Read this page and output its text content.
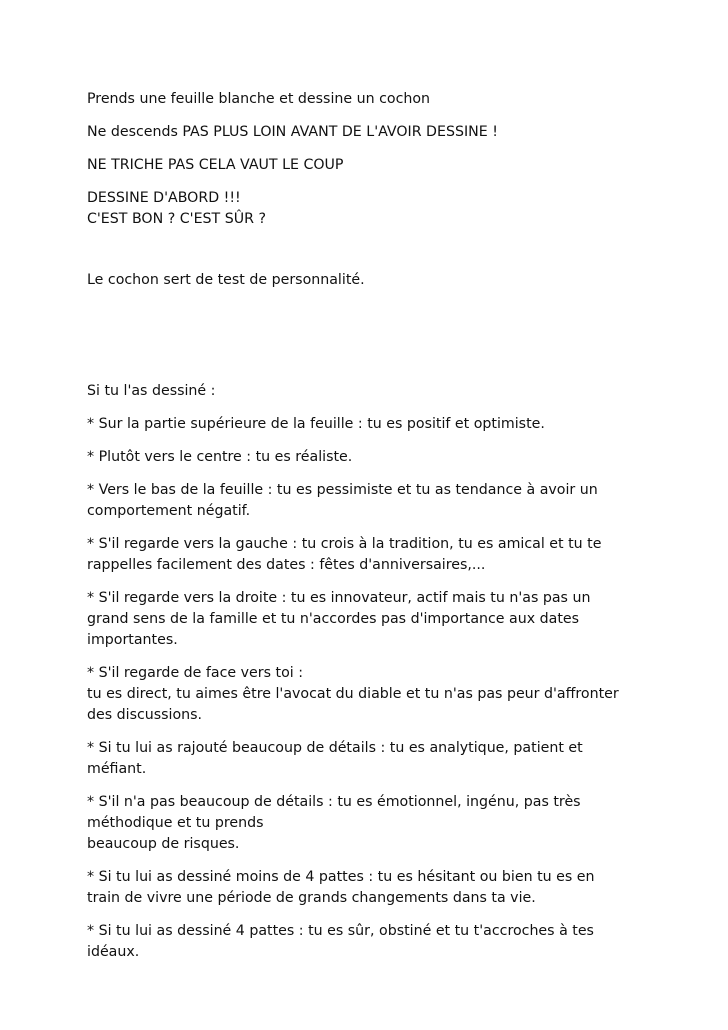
Prends une feuille blanche et dessine un cochon

Ne descends PAS PLUS LOIN AVANT DE L'AVOIR DESSINE !

NE TRICHE PAS CELA VAUT LE COUP

DESSINE D'ABORD !!!
C'EST BON ? C'EST SÛR ?

Le cochon sert de test de personnalité.

Si tu l'as dessiné :

* Sur la partie supérieure de la feuille : tu es positif et optimiste.

* Plutôt vers le centre : tu es réaliste.

* Vers le bas de la feuille : tu es pessimiste et tu as tendance à avoir un
comportement négatif.

* S'il regarde vers la gauche : tu crois à la tradition, tu es amical et tu te
rappelles facilement des dates : fêtes d'anniversaires,...

* S'il regarde vers la droite : tu es innovateur, actif mais tu n'as pas un
grand sens de la famille et tu n'accordes pas d'importance aux dates
importantes.

* S'il regarde de face vers toi :
tu es direct, tu aimes être l'avocat du diable et tu n'as pas peur d'affronter
des discussions.

* Si tu lui as rajouté beaucoup de détails : tu es analytique, patient et
méfiant.

* S'il n'a pas beaucoup de détails : tu es émotionnel, ingénu, pas très
méthodique et tu prends
beaucoup de risques.

* Si tu lui as dessiné moins de 4 pattes : tu es hésitant ou bien tu es en
train de vivre une période de grands changements dans ta vie.

* Si tu lui as dessiné 4 pattes : tu es sûr, obstiné et tu t'accroches à tes
idéaux.
